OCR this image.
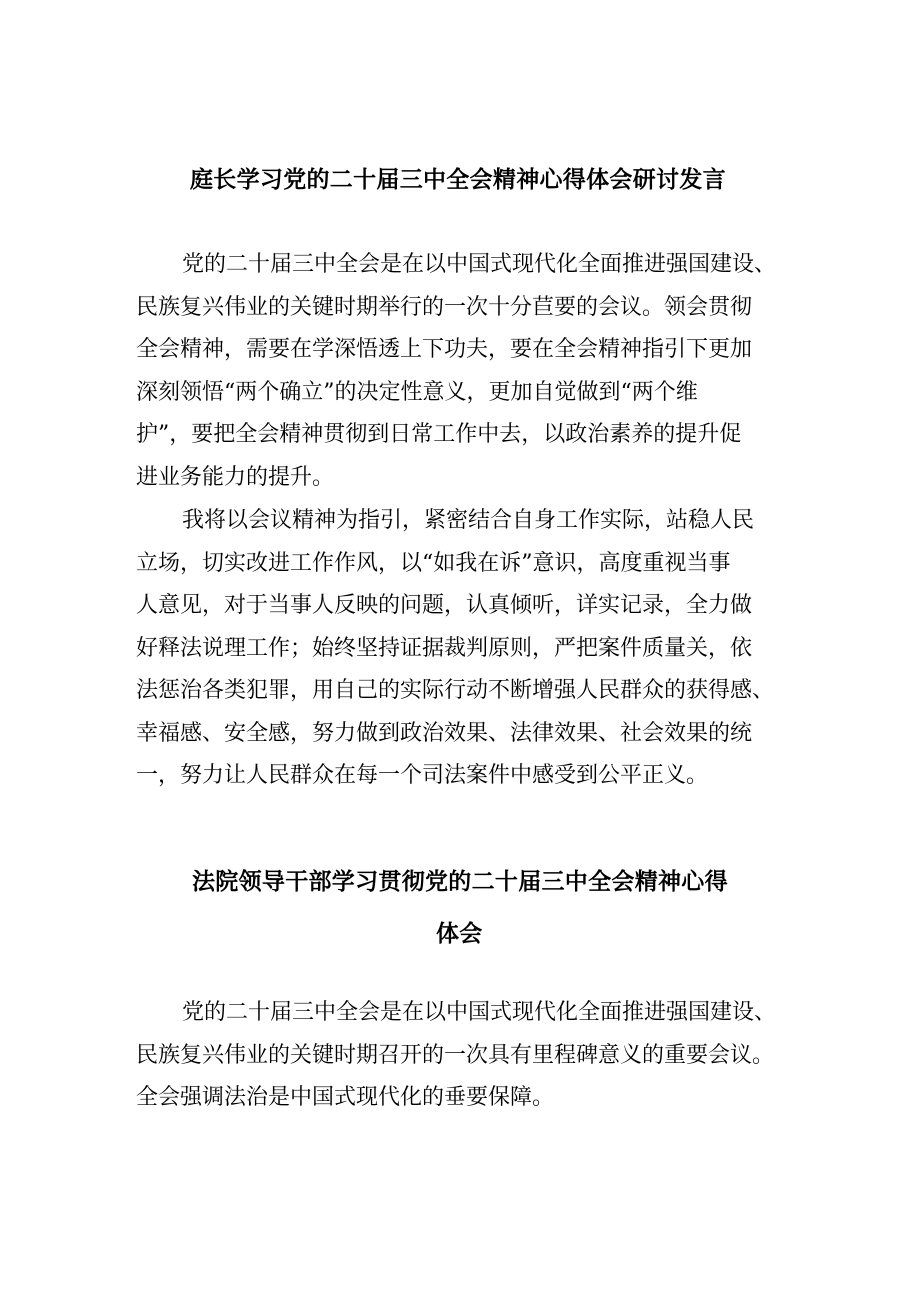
庭长学习党的二十届三中全会精神心得体会研讨发言
党的二十届三中全会是在以中国式现代化全面推进强国建设、
民族复兴伟业的关键时期举行的一次十分苣要的会议。领会贯彻
全会精神，需要在学深悟透上下功夫，要在全会精神指引下更加
深刻领悟“两个确立”的决定性意义，更加自觉做到“两个维
护”，要把全会精神贯彻到日常工作中去，以政治素养的提升促
进业务能力的提升。
我将以会议精神为指引，紧密结合自身工作实际，站稳人民
立场，切实改进工作作风，以“如我在诉”意识，高度重视当事
人意见，对于当事人反映的问题，认真倾听，详实记录，全力做
好释法说理工作；始终坚持证据裁判原则，严把案件质量关，依
法惩治各类犯罪，用自己的实际行动不断增强人民群众的获得感、
幸福感、安全感，努力做到政治效果、法律效果、社会效果的统
一，努力让人民群众在每一个司法案件中感受到公平正义。
法院领导干部学习贯彻党的二十届三中全会精神心得
体会
党的二十届三中全会是在以中国式现代化全面推进强国建设、
民族复兴伟业的关键时期召开的一次具有里程碑意义的重要会议。
全会强调法治是中国式现代化的垂要保障。
